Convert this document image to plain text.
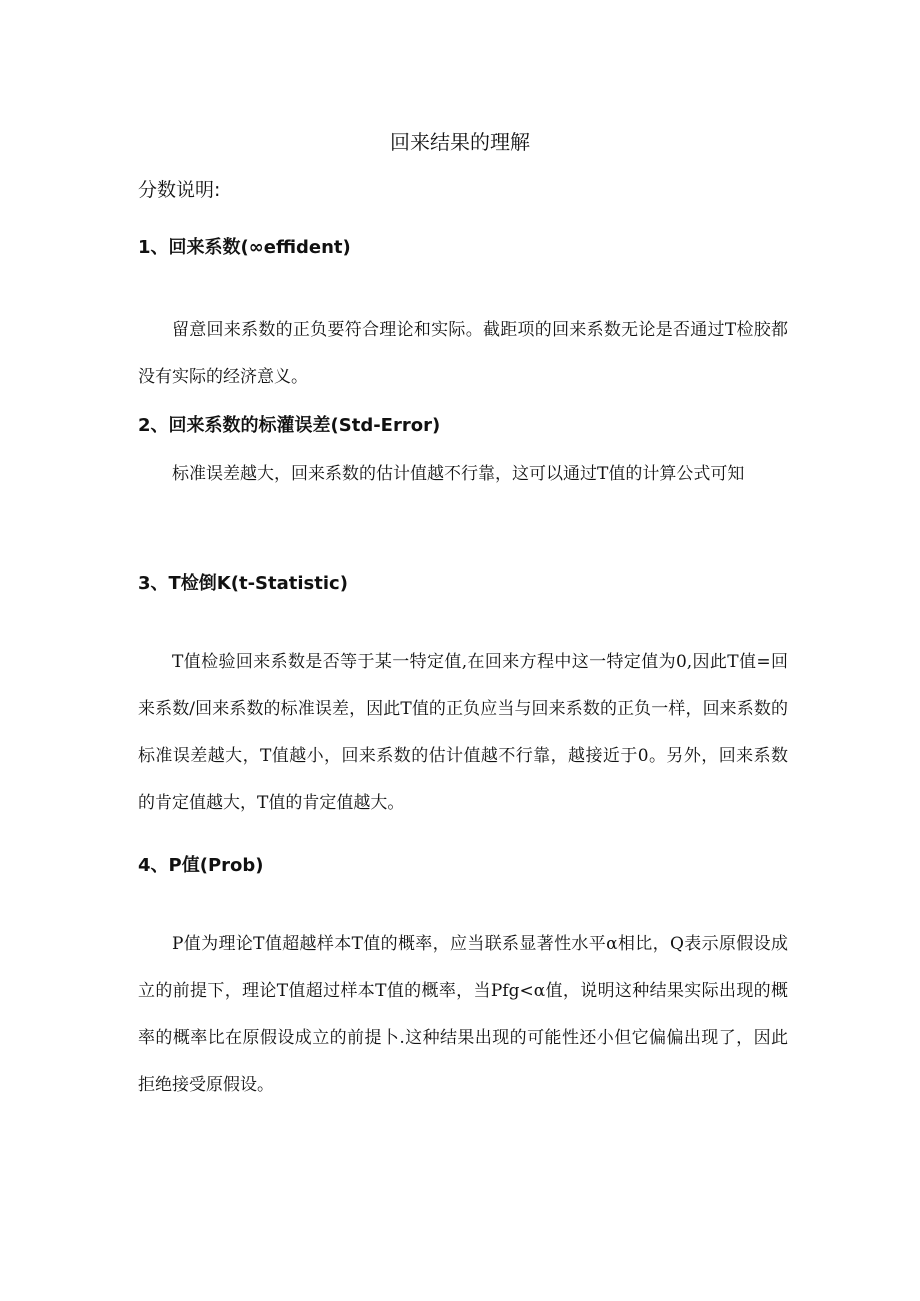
回来结果的理解
分数说明:
1、回来系数(∞effident)

留意回来系数的正负要符合理论和实际。截距项的回来系数无论是否通过T检胶都没有实际的经济意义。

2、回来系数的标灌误差(Std-Error)

标准误差越大，回来系数的估计值越不行靠，这可以通过T值的计算公式可知

3、T检倒K(t-Statistic)

T值检验回来系数是否等于某一特定值,在回来方程中这一特定值为0,因此T值=回来系数/回来系数的标准误差，因此T值的正负应当与回来系数的正负一样，回来系数的标准误差越大，T值越小，回来系数的估计值越不行靠，越接近于0。另外，回来系数的肯定值越大，T值的肯定值越大。

4、P值(Prob)

P值为理论T值超越样本T值的概率，应当联系显著性水平α相比，Q表示原假设成立的前提下，理论T值超过样本T值的概率，当Pfg<α值，说明这种结果实际出现的概率的概率比在原假设成立的前提卜.这种结果出现的可能性还小但它偏偏出现了，因此拒绝接受原假设。
